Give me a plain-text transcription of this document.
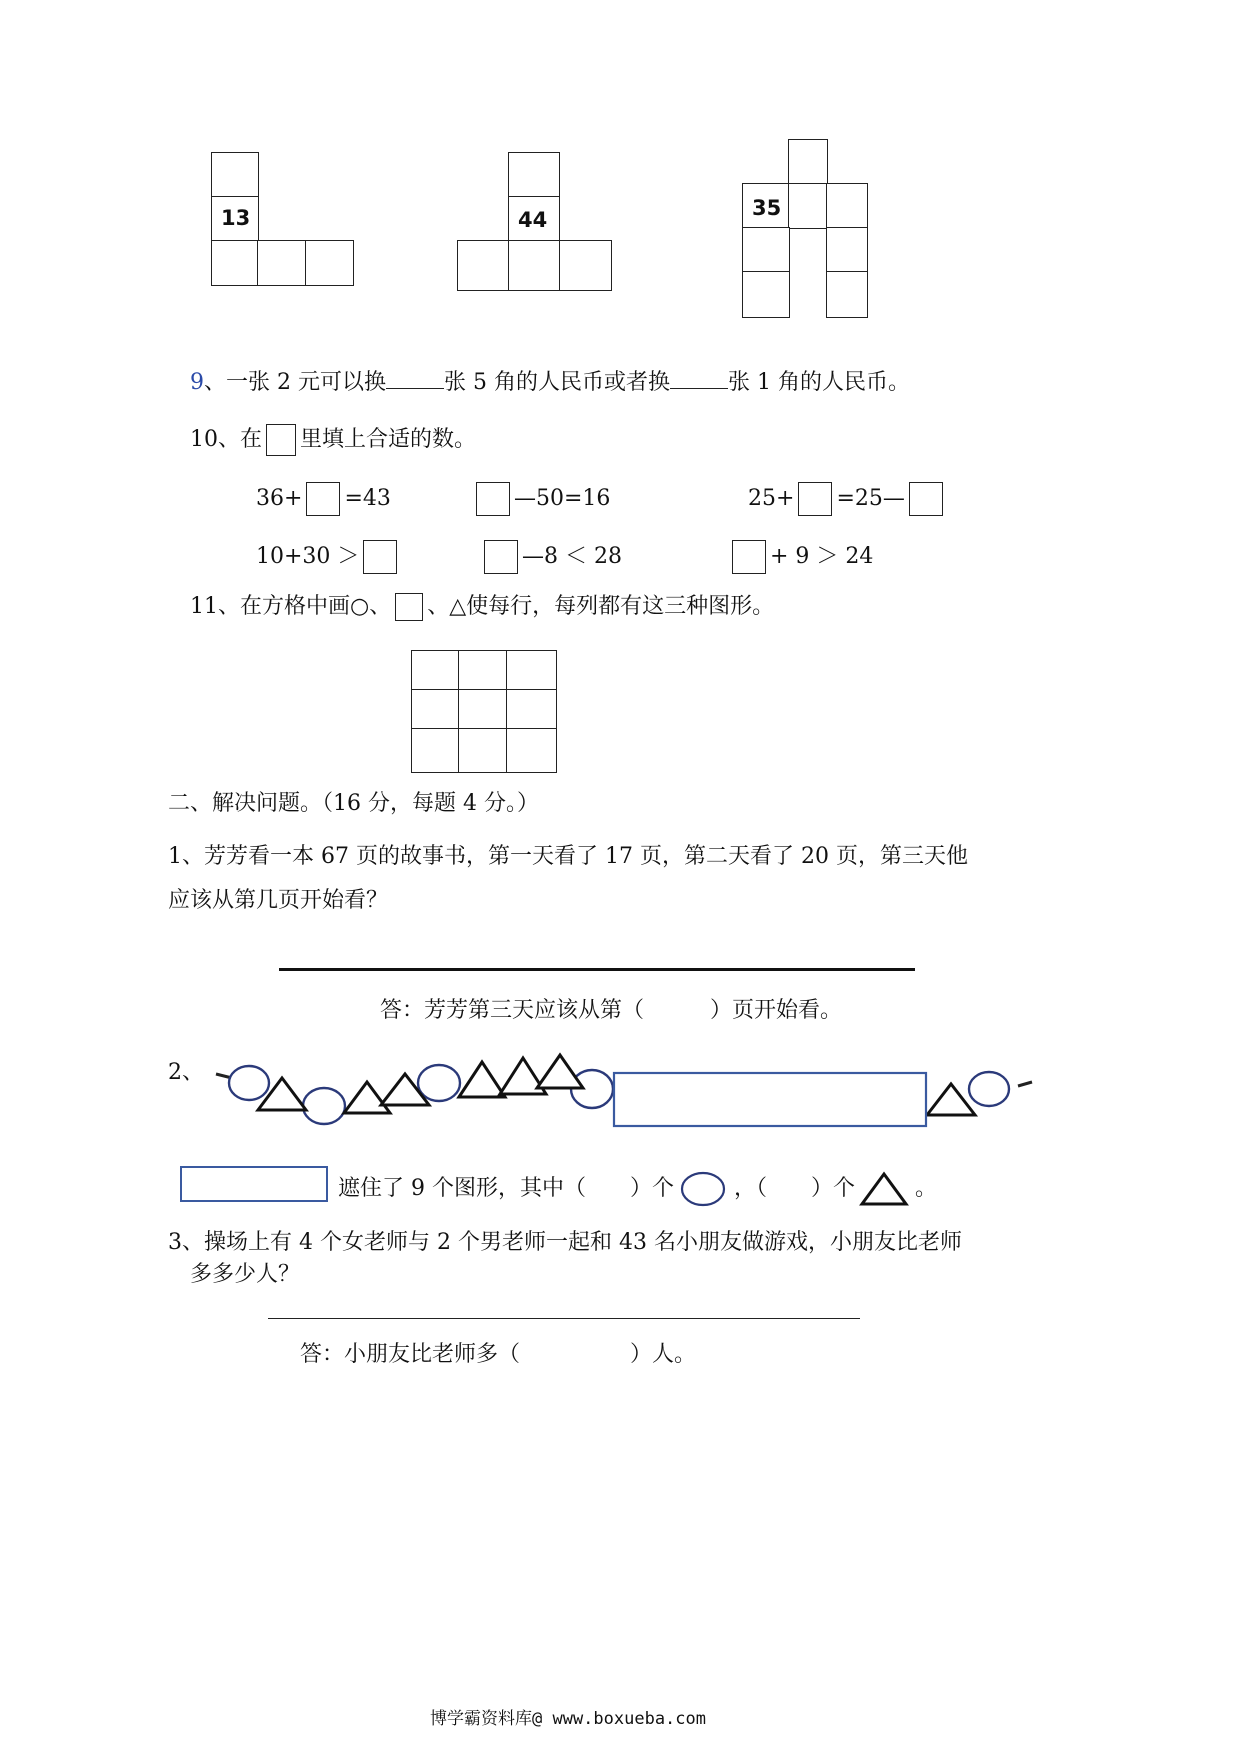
13	44	35
9、一张 2 元可以换	张 5 角的人民币或者换	张 1 角的人民币。
10、在 里填上合适的数。
36+ =43	—50=16	25+ =25—
10+30 ＞	—8 ＜ 28	+ 9 ＞ 24
11、在方格中画○、 、△使每行，每列都有这三种图形。
二、解决问题。（16 分，每题 4 分。）
1、芳芳看一本 67 页的故事书，第一天看了 17 页，第二天看了 20 页，第三天他
应该从第几页开始看？
答：芳芳第三天应该从第（　　　）页开始看。
2、
遮住了 9 个图形，其中（　　）个	，（　　）个	。
3、操场上有 4 个女老师与 2 个男老师一起和 43 名小朋友做游戏，小朋友比老师
多多少人？
答：小朋友比老师多（　　　　　）人。
博学霸资料库@ www.boxueba.com
